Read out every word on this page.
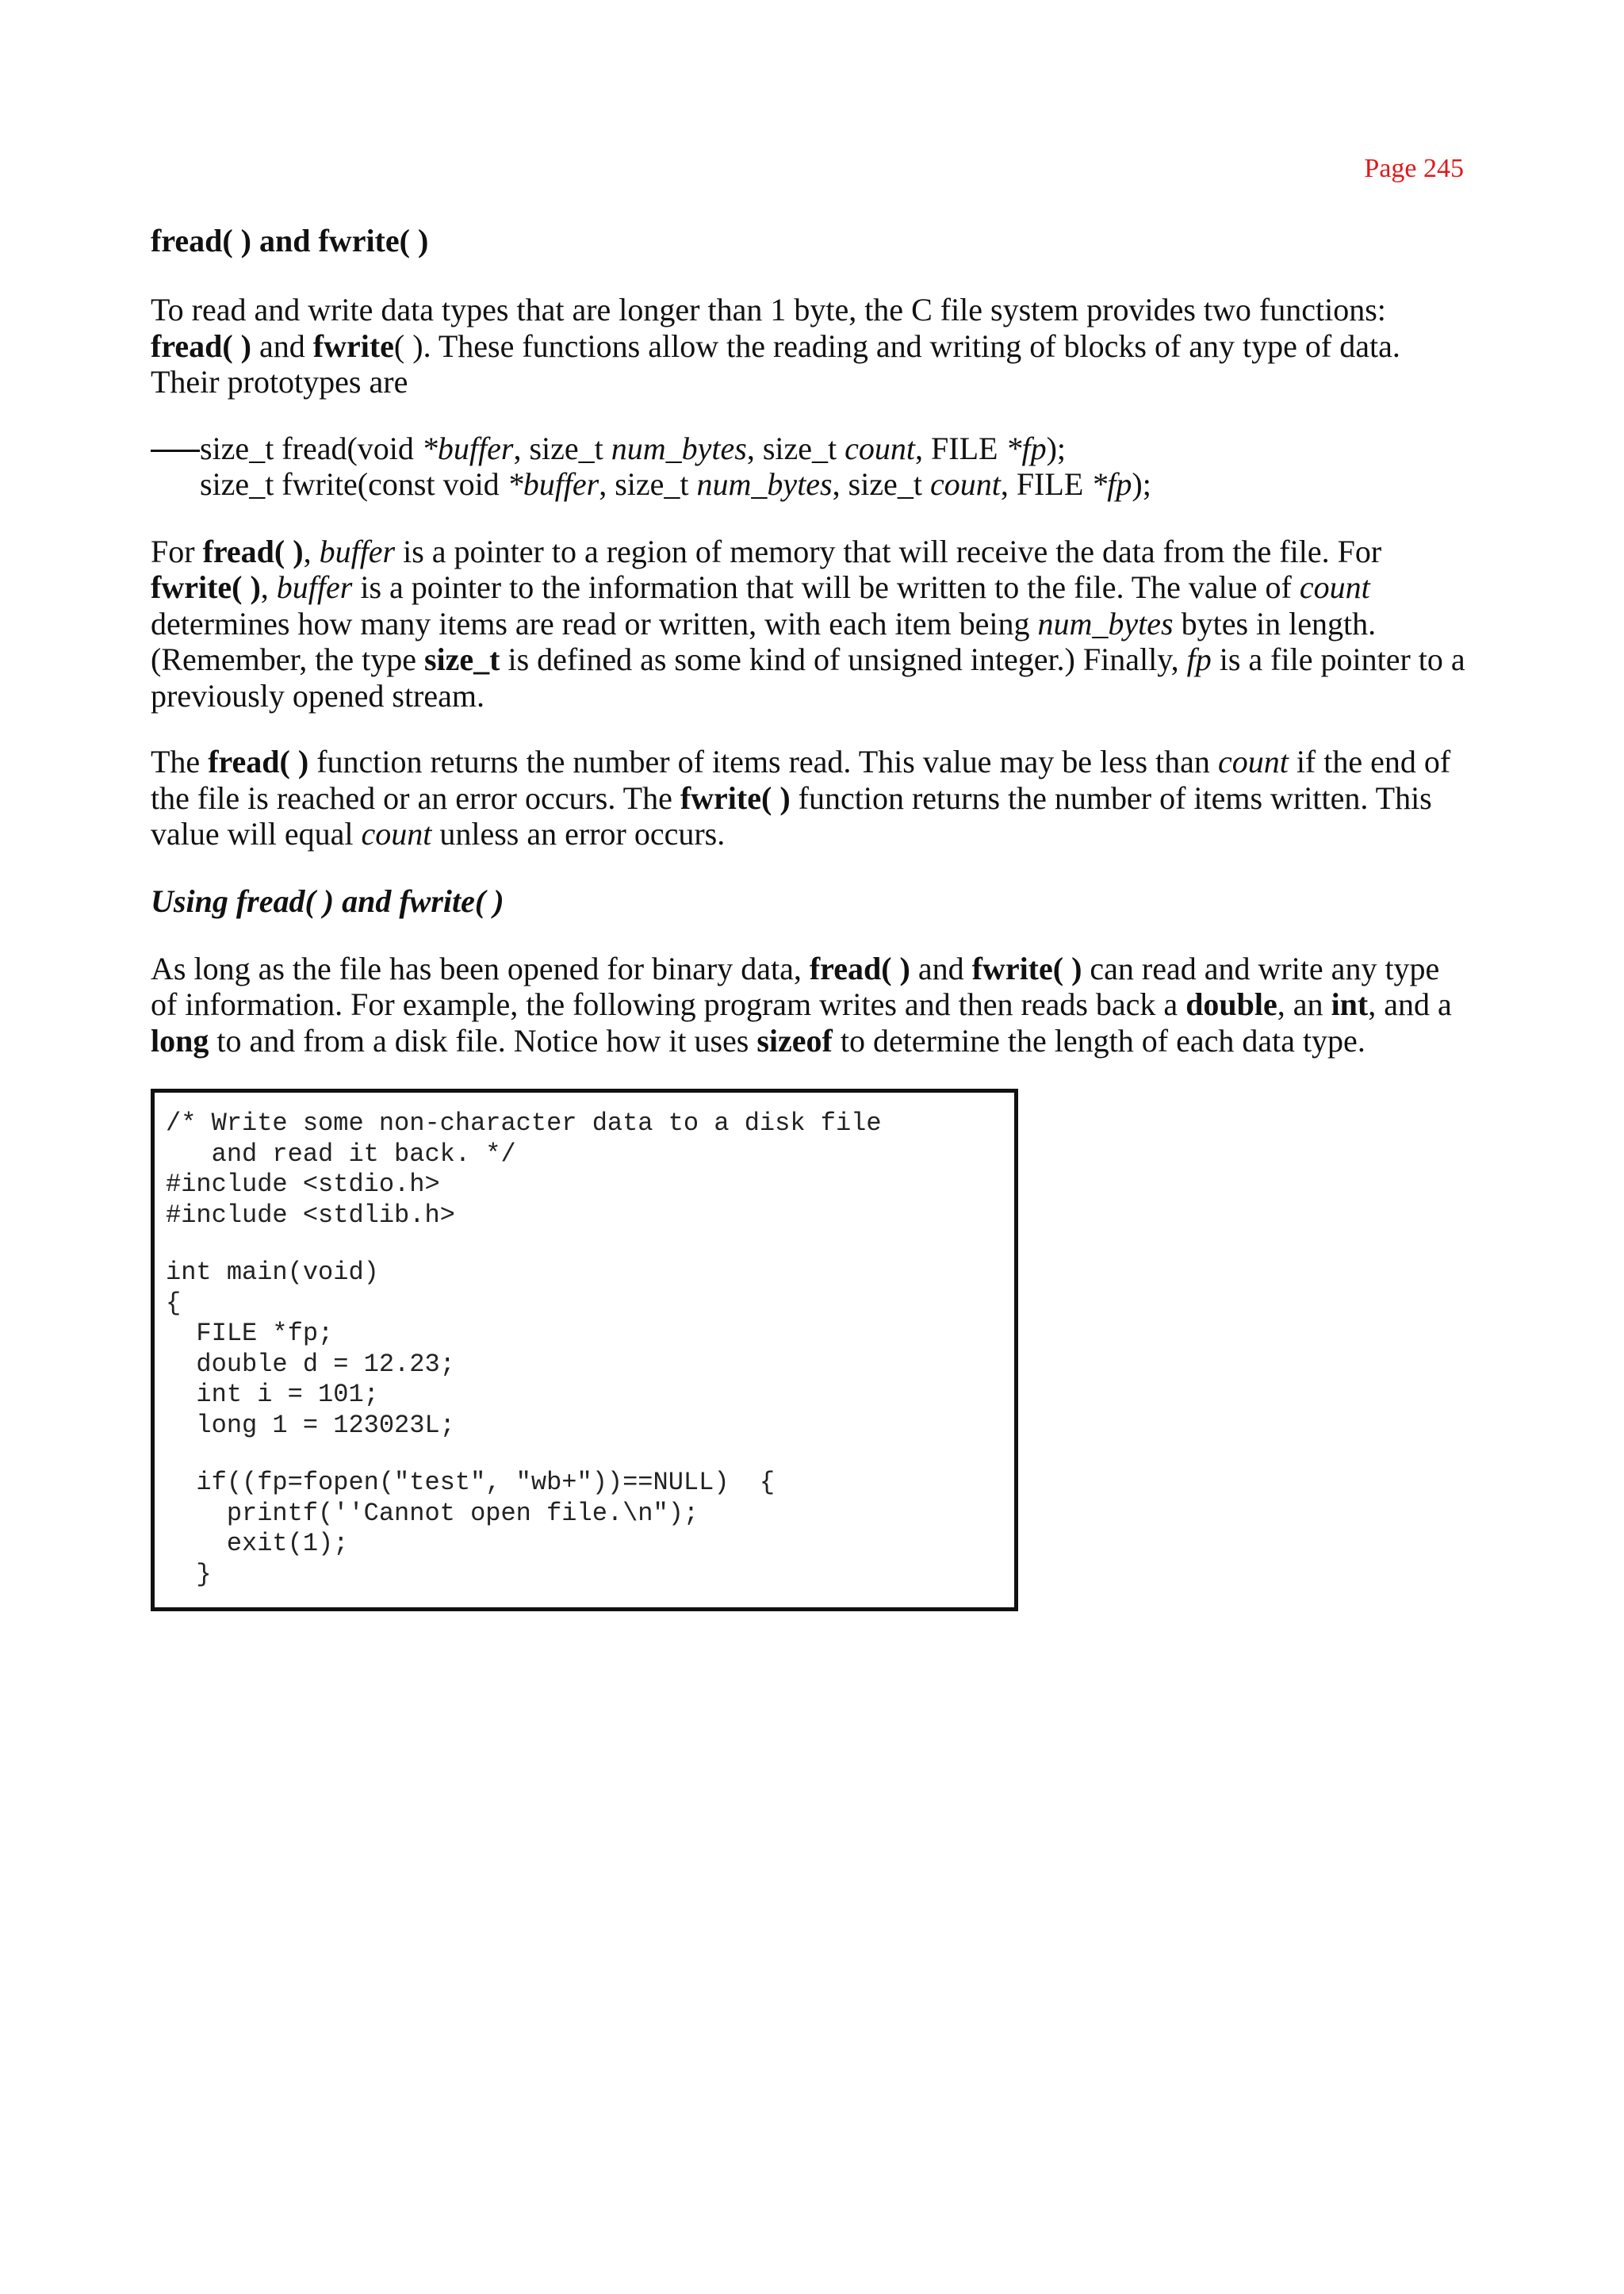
Page 245
fread( ) and fwrite( )

To read and write data types that are longer than 1 byte, the C file system provides two functions: fread( ) and fwrite( ). These functions allow the reading and writing of blocks of any type of data. Their prototypes are

size_t fread(void *buffer, size_t num_bytes, size_t count, FILE *fp);
size_t fwrite(const void *buffer, size_t num_bytes, size_t count, FILE *fp);

For fread( ), buffer is a pointer to a region of memory that will receive the data from the file. For fwrite( ), buffer is a pointer to the information that will be written to the file. The value of count determines how many items are read or written, with each item being num_bytes bytes in length. (Remember, the type size_t is defined as some kind of unsigned integer.) Finally, fp is a file pointer to a previously opened stream.

The fread( ) function returns the number of items read. This value may be less than count if the end of the file is reached or an error occurs. The fwrite( ) function returns the number of items written. This value will equal count unless an error occurs.

Using fread( ) and fwrite( )

As long as the file has been opened for binary data, fread( ) and fwrite( ) can read and write any type of information. For example, the following program writes and then reads back a double, an int, and a long to and from a disk file. Notice how it uses sizeof to determine the length of each data type.

/* Write some non-character data to a disk file
and read it back. */
#include <stdio.h>
#include <stdlib.h>
int main(void)
{
FILE *fp;
double d = 12.23;
int i = 101;
long 1 = 123023L;
if((fp=fopen("test", "wb+"))==NULL)  {
printf(''Cannot open file.\n");
exit(1);
}
